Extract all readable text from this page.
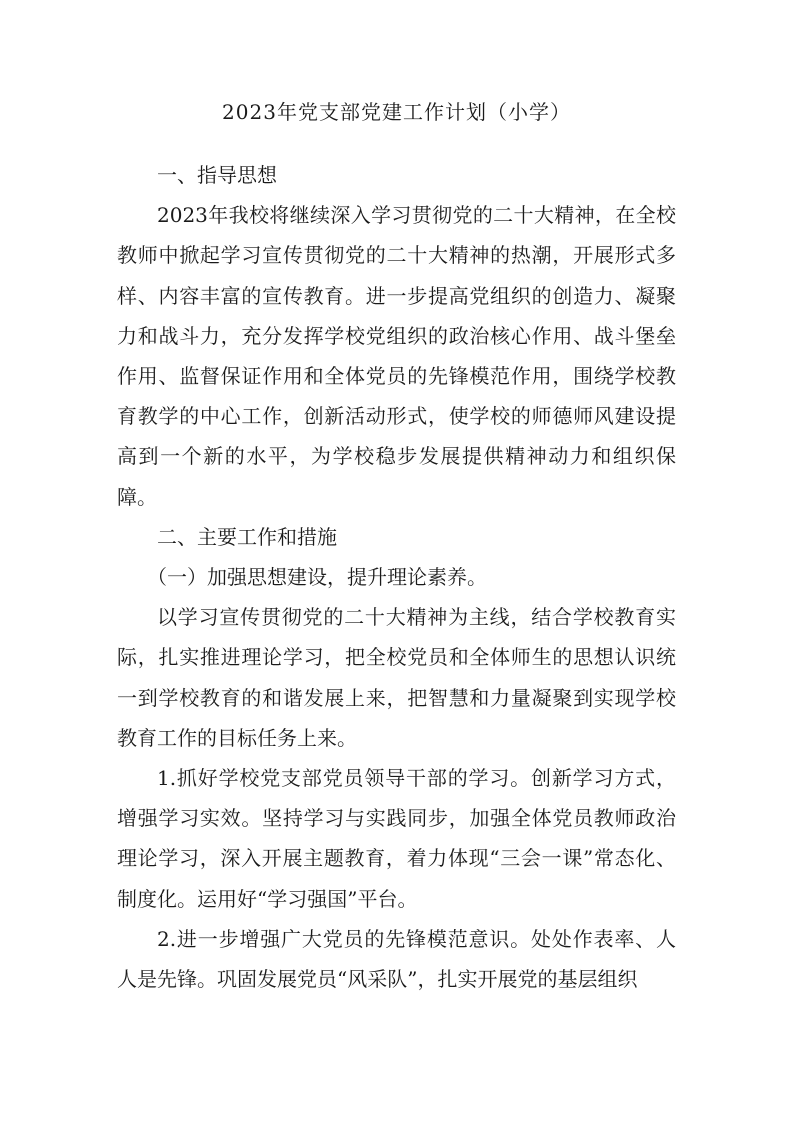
2023年党支部党建工作计划（小学）

一、指导思想

2023年我校将继续深入学习贯彻党的二十大精神，在全校教师中掀起学习宣传贯彻党的二十大精神的热潮，开展形式多样、内容丰富的宣传教育。进一步提高党组织的创造力、凝聚力和战斗力，充分发挥学校党组织的政治核心作用、战斗堡垒作用、监督保证作用和全体党员的先锋模范作用，围绕学校教育教学的中心工作，创新活动形式，使学校的师德师风建设提高到一个新的水平，为学校稳步发展提供精神动力和组织保障。

二、主要工作和措施

（一）加强思想建设，提升理论素养。

以学习宣传贯彻党的二十大精神为主线，结合学校教育实际，扎实推进理论学习，把全校党员和全体师生的思想认识统一到学校教育的和谐发展上来，把智慧和力量凝聚到实现学校教育工作的目标任务上来。

1.抓好学校党支部党员领导干部的学习。创新学习方式，增强学习实效。坚持学习与实践同步，加强全体党员教师政治理论学习，深入开展主题教育，着力体现“三会一课”常态化、制度化。运用好“学习强国”平台。

2.进一步增强广大党员的先锋模范意识。处处作表率、人人是先锋。巩固发展党员“风采队”，扎实开展党的基层组织
